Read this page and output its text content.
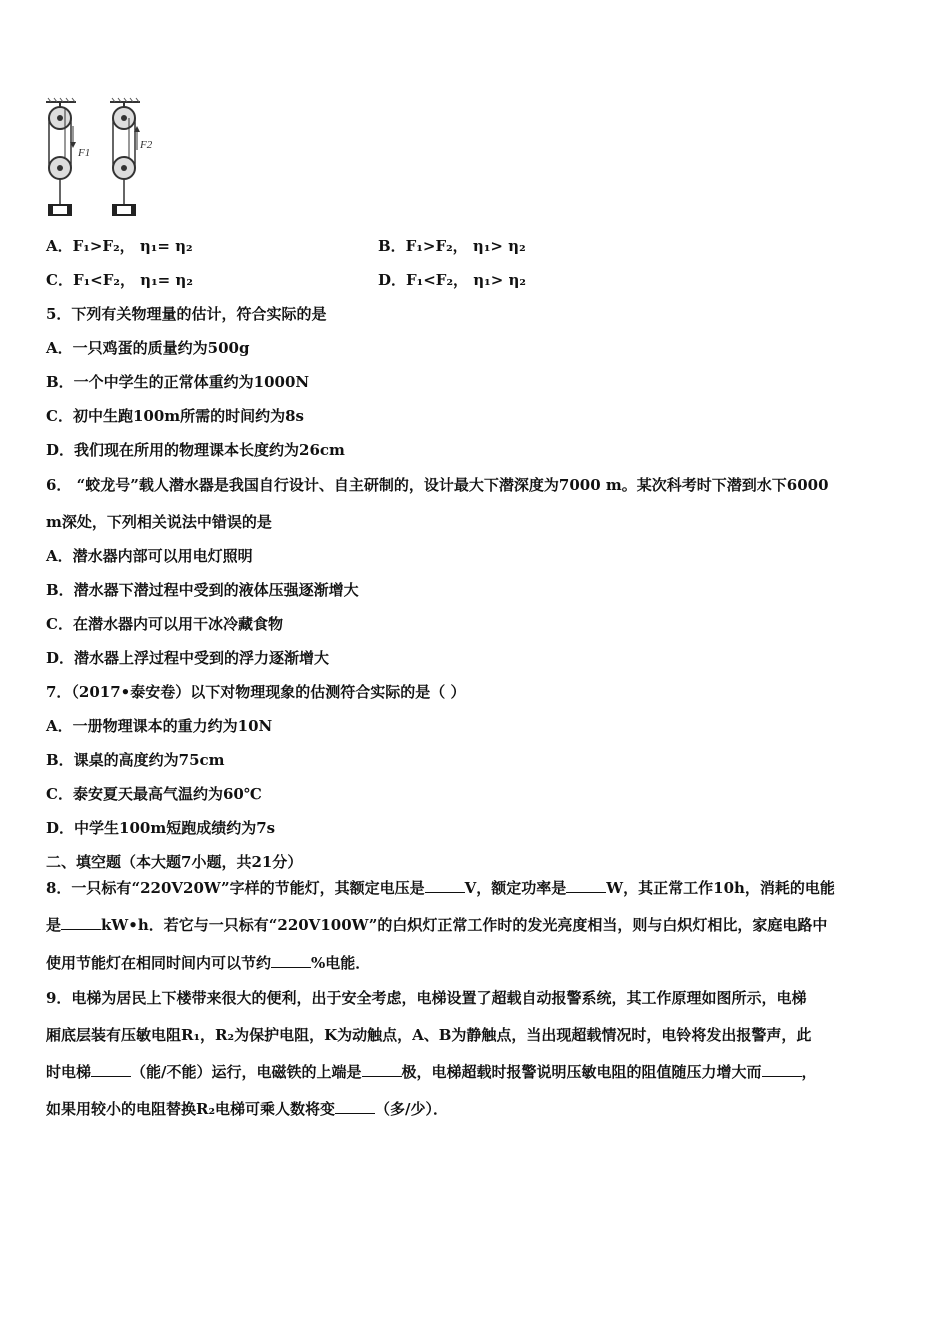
F1
F2
A．F₁>F₂， η₁= η₂	B．F₁>F₂， η₁> η₂
C．F₁<F₂， η₁= η₂	D．F₁<F₂， η₁> η₂
5．下列有关物理量的估计，符合实际的是
A．一只鸡蛋的质量约为500g
B．一个中学生的正常体重约为1000N
C．初中生跑100m所需的时间约为8s
D．我们现在所用的物理课本长度约为26cm
6． “蛟龙号”载人潜水器是我国自行设计、自主研制的，设计最大下潜深度为7000 m。某次科考时下潜到水下6000
m深处，下列相关说法中错误的是
A．潜水器内部可以用电灯照明
B．潜水器下潜过程中受到的液体压强逐渐增大
C．在潜水器内可以用干冰冷藏食物
D．潜水器上浮过程中受到的浮力逐渐增大
7．（2017•泰安卷）以下对物理现象的估测符合实际的是（ ）
A．一册物理课本的重力约为10N
B．课桌的高度约为75cm
C．泰安夏天最高气温约为60℃
D．中学生100m短跑成绩约为7s
二、填空题（本大题7小题，共21分）
8．一只标有“220V20W”字样的节能灯，其额定电压是	V，额定功率是	W，其正常工作10h，消耗的电能
是	kW•h．若它与一只标有“220V100W”的白炽灯正常工作时的发光亮度相当，则与白炽灯相比，家庭电路中
使用节能灯在相同时间内可以节约	%电能．
9．电梯为居民上下楼带来很大的便利，出于安全考虑，电梯设置了超载自动报警系统，其工作原理如图所示，电梯
厢底层装有压敏电阻R₁，R₂为保护电阻，K为动触点，A、B为静触点，当出现超载情况时，电铃将发出报警声，此
时电梯	（能/不能）运行，电磁铁的上端是	极，电梯超载时报警说明压敏电阻的阻值随压力增大而	，
如果用较小的电阻替换R₂电梯可乘人数将变	（多/少）．
